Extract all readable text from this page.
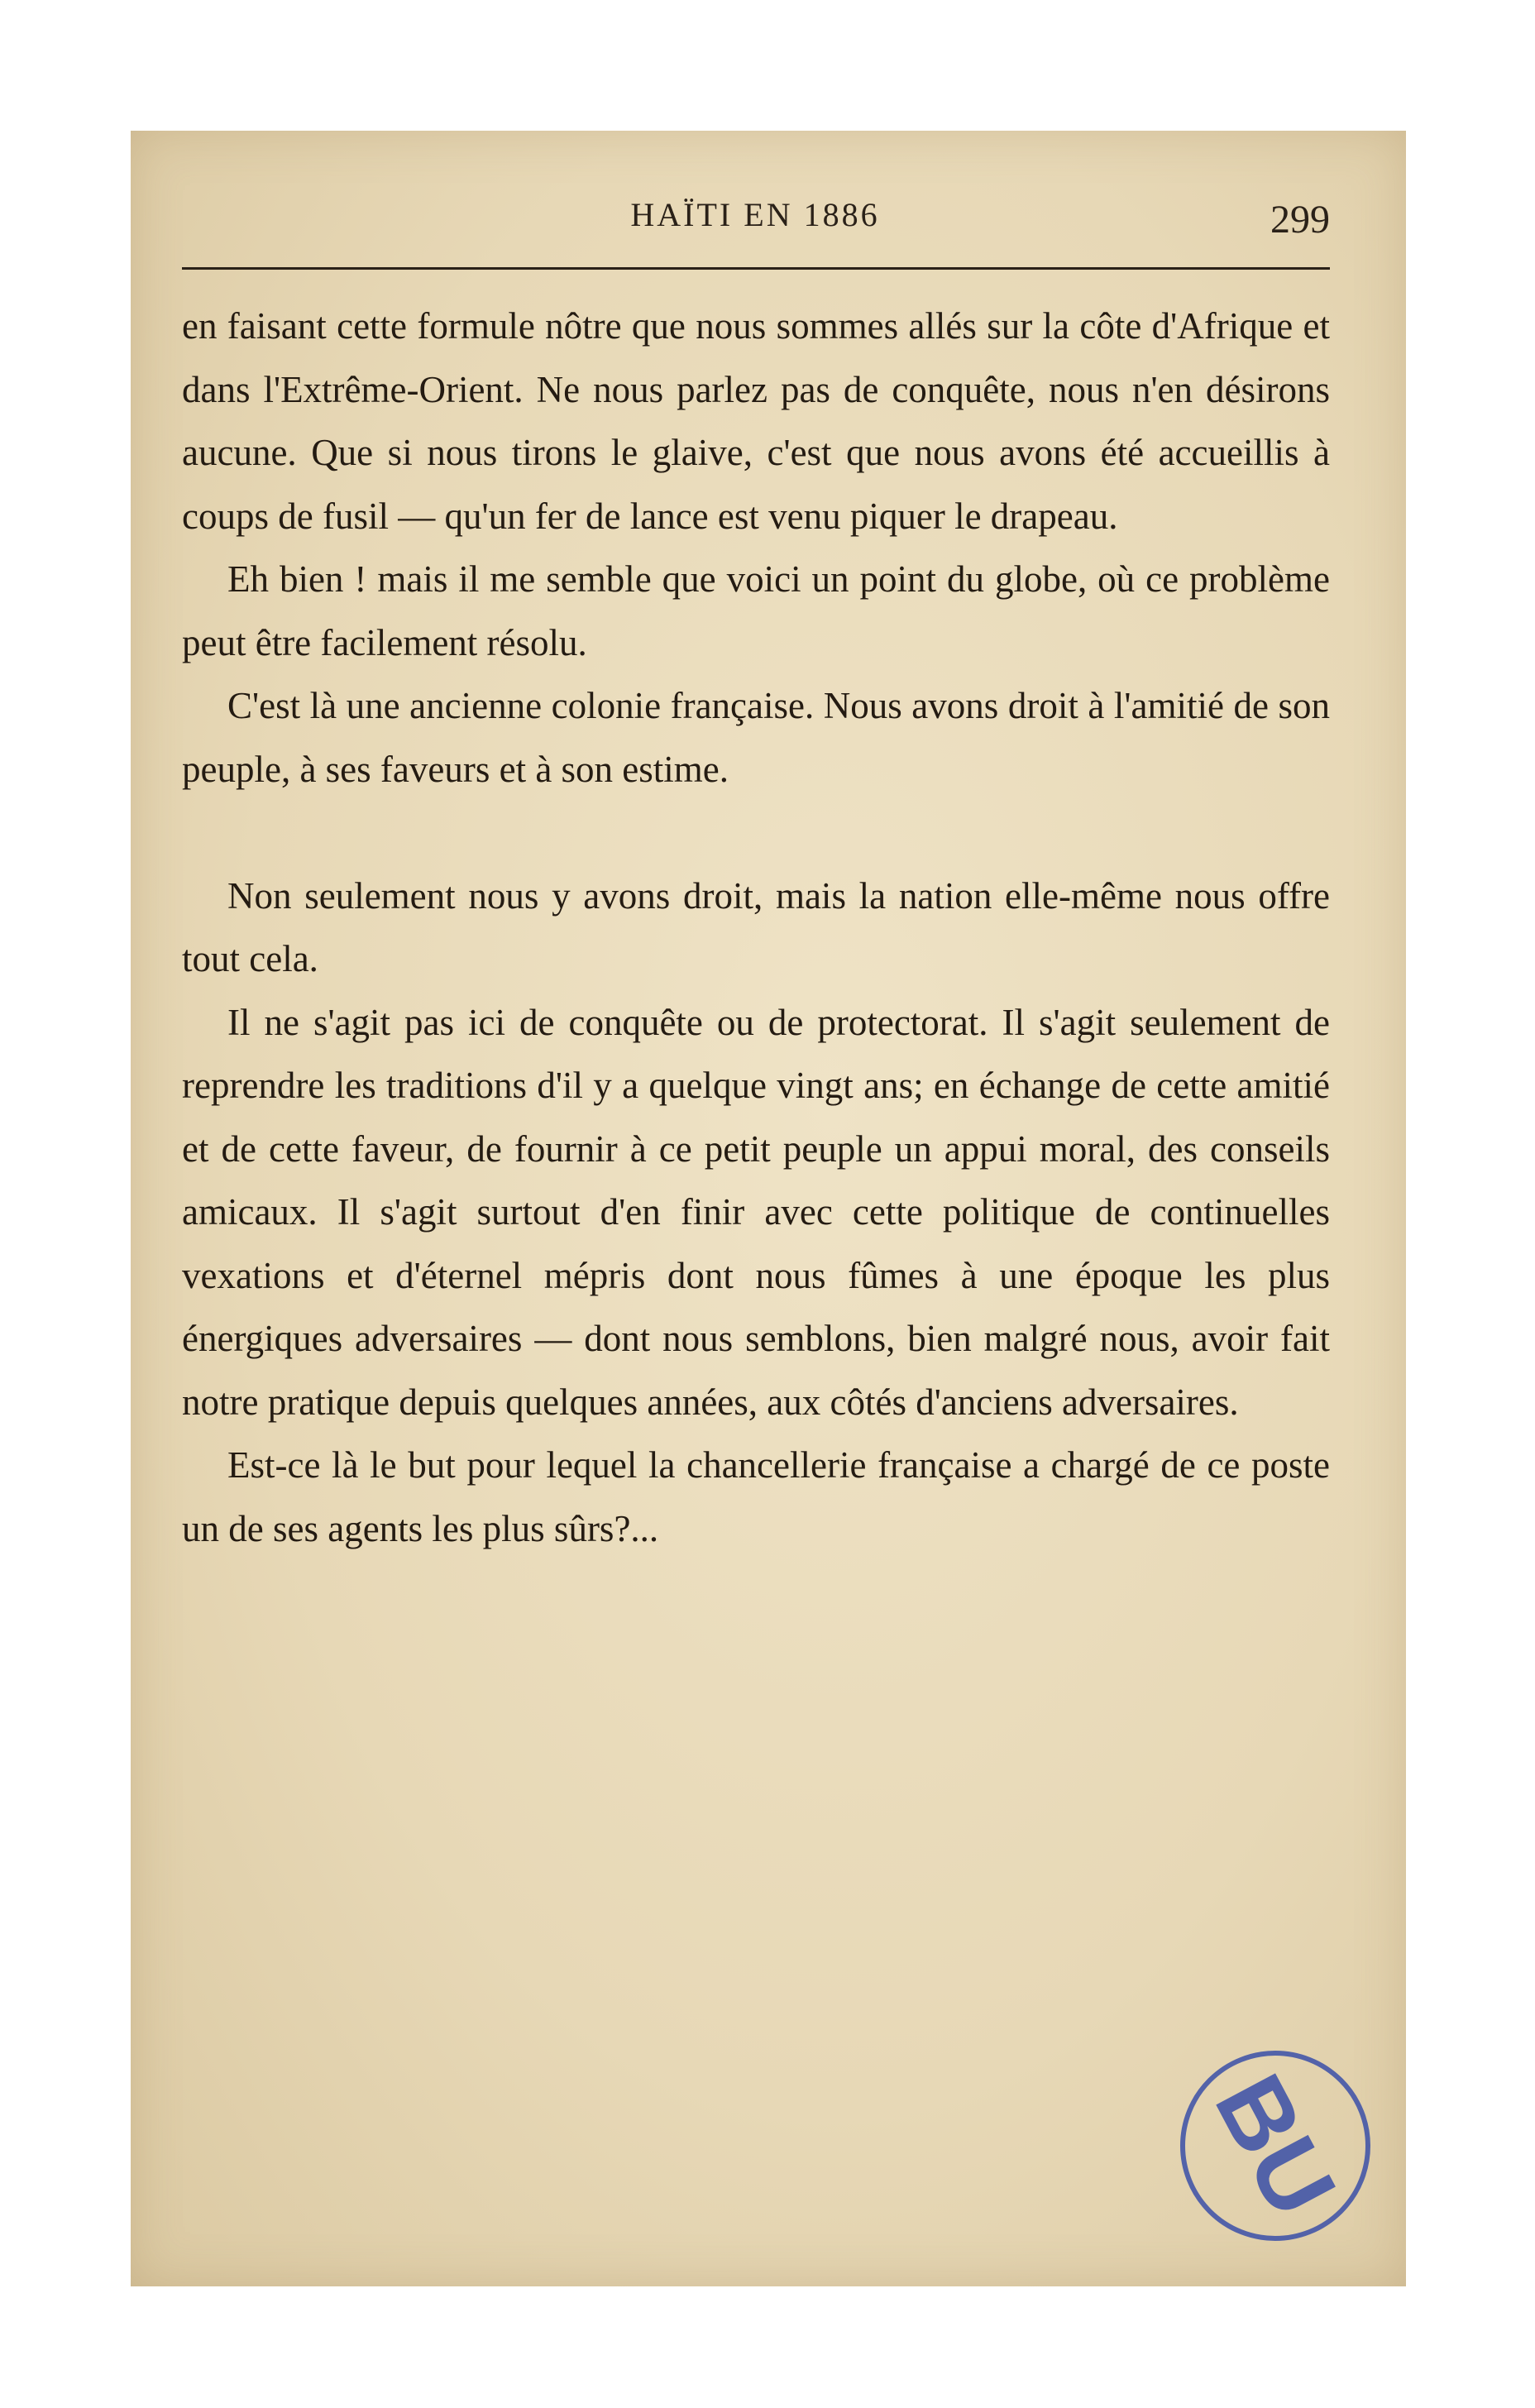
HAÏTI EN 1886	299

en faisant cette formule nôtre que nous sommes allés sur la côte d'Afrique et dans l'Extrême-Orient. Ne nous parlez pas de conquête, nous n'en désirons aucune. Que si nous tirons le glaive, c'est que nous avons été accueillis à coups de fusil — qu'un fer de lance est venu piquer le drapeau.

Eh bien ! mais il me semble que voici un point du globe, où ce problème peut être facilement résolu.

C'est là une ancienne colonie française. Nous avons droit à l'amitié de son peuple, à ses faveurs et à son estime.

Non seulement nous y avons droit, mais la nation elle-même nous offre tout cela.

Il ne s'agit pas ici de conquête ou de protectorat. Il s'agit seulement de reprendre les traditions d'il y a quelque vingt ans; en échange de cette amitié et de cette faveur, de fournir à ce petit peuple un appui moral, des conseils amicaux. Il s'agit surtout d'en finir avec cette politique de continuelles vexations et d'éternel mépris dont nous fûmes à une époque les plus énergiques adversaires — dont nous semblons, bien malgré nous, avoir fait notre pratique depuis quelques années, aux côtés d'anciens adversaires.

Est-ce là le but pour lequel la chancellerie française a chargé de ce poste un de ses agents les plus sûrs?...

BU
